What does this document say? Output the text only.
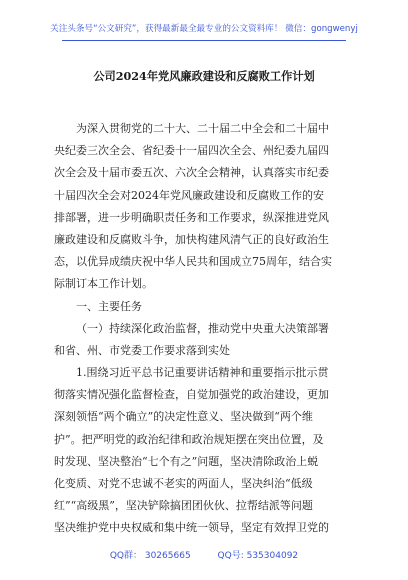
关注头条号“公文研究”，获得最新最全最专业的公文资料库！ 微信：gongwenyj
公司2024年党风廉政建设和反腐败工作计划
为深入贯彻党的二十大、二十届二中全会和二十届中
央纪委三次全会、省纪委十一届四次全会、州纪委九届四
次全会及十届市委五次、六次全会精神，认真落实市纪委
十届四次全会对2024年党风廉政建设和反腐败工作的安
排部署，进一步明确职责任务和工作要求，纵深推进党风
廉政建设和反腐败斗争，加快构建风清气正的良好政治生
态，以优异成绩庆祝中华人民共和国成立75周年，结合实
际制订本工作计划。
一、主要任务
（一）持续深化政治监督，推动党中央重大决策部署
和省、州、市党委工作要求落到实处
1.围绕习近平总书记重要讲话精神和重要指示批示贯
彻落实情况强化监督检查，自觉加强党的政治建设，更加
深刻领悟“两个确立”的决定性意义、坚决做到“两个维
护”。把严明党的政治纪律和政治规矩摆在突出位置，及
时发现、坚决整治“七个有之”问题，坚决清除政治上蜕
化变质、对党不忠诚不老实的两面人，坚决纠治“低级
红”“高级黑”，坚决铲除搞团团伙伙、拉帮结派等问题
坚决维护党中央权威和集中统一领导，坚定有效捍卫党的
QQ群： 30265665	QQ号: 535304092
